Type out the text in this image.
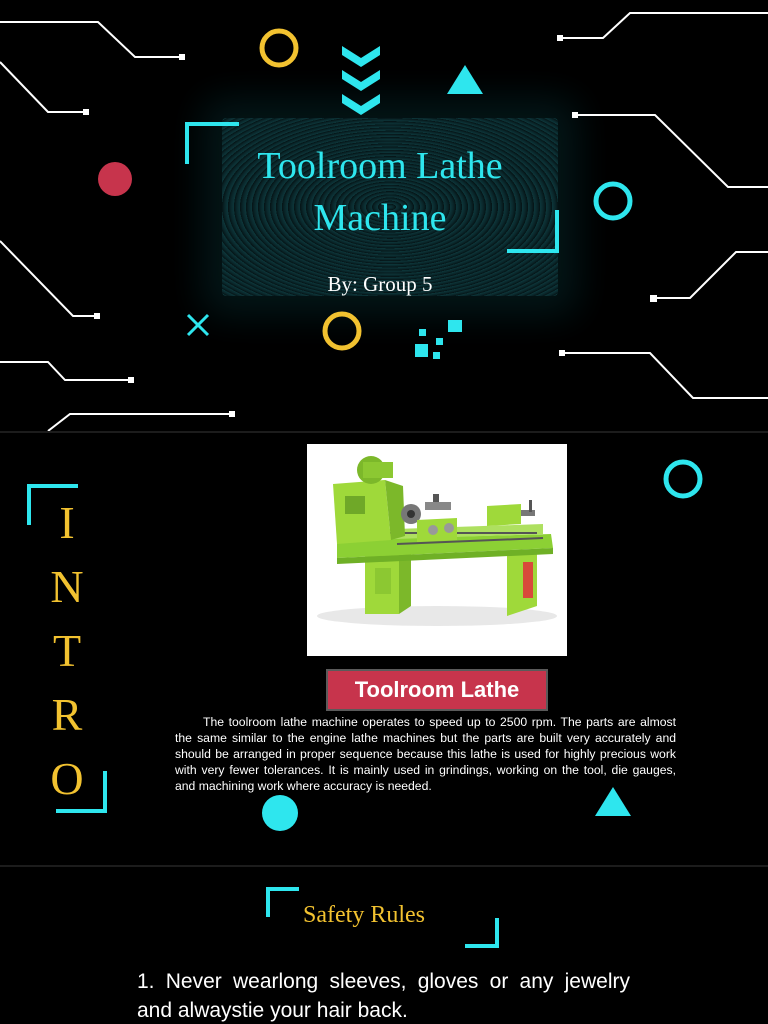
Toolroom Lathe Machine
By: Group 5
I
N
T
R
O
Toolroom Lathe

The toolroom lathe machine operates to speed up to 2500 rpm. The parts are almost the same similar to the engine lathe machines but the parts are built very accurately and should be arranged in proper sequence because this lathe is used for highly precious work with very fewer tolerances. It is mainly used in grindings, working on the tool, die gauges, and machining work where accuracy is needed.

Safety Rules

1. Never wearlong sleeves, gloves or any jewelry and alwaystie your hair back.
